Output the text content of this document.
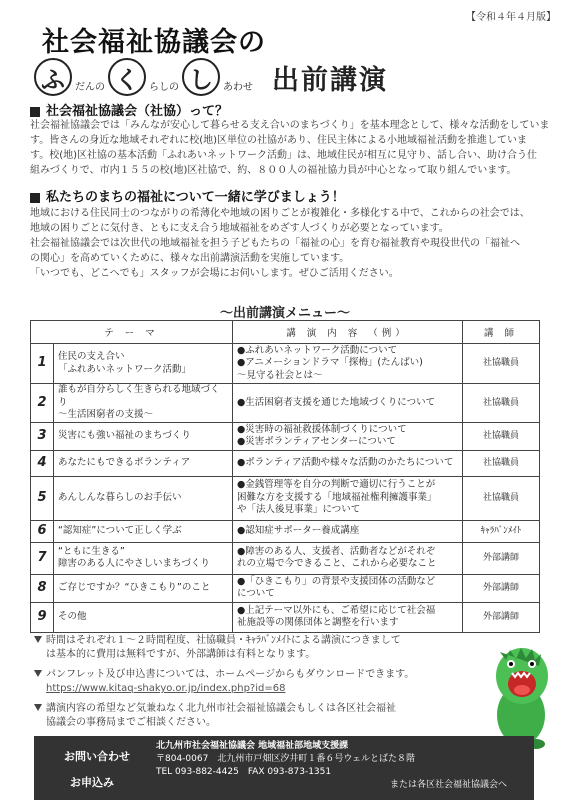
【令和４年４月版】
社会福祉協議会の
ふ	だんの く	らしの し	あわせ 出前講演
社会福祉協議会（社協）って？

社会福祉協議会では「みんなが安心して暮らせる支え合いのまちづくり」を基本理念として、様々な活動をしていま

す。皆さんの身近な地域それぞれに校(地)区単位の社協があり、住民主体による小地域福祉活動を推進していま

す。校(地)区社協の基本活動「ふれあいネットワーク活動」は、地域住民が相互に見守り、話し合い、助け合う仕

組みづくりで、市内１５５の校(地)区社協で、約、８００人の福祉協力員が中心となって取り組んでいます。

私たちのまちの福祉について一緒に学びましょう！

地域における住民同士のつながりの希薄化や地域の困りごとが複雑化・多様化する中で、これからの社会では、

地域の困りごとに気付き、ともに支え合う地域福祉をめざす人づくりが必要となっています。

社会福祉協議会では次世代の地域福祉を担う子どもたちの「福祉の心」を育む福祉教育や現役世代の「福祉へ

の関心」を高めていくために、様々な出前講演活動を実施しています。

「いつでも、どこへでも」スタッフが会場にお伺いします。ぜひご活用ください。

～出前講演メニュー～
テ ー マ		講 演 内 容 （例）	講 師
1	住民の支え合い
「ふれあいネットワーク活動」	●ふれあいネットワーク活動について
●アニメーションドラマ「探梅」(たんばい)
～見守る社会とは～	社協職員
2	誰もが自分らしく生きられる地域づくり
～生活困窮者の支援～	●生活困窮者支援を通じた地域づくりについて	社協職員
3	災害にも強い福祉のまちづくり	●災害時の福祉救援体制づくりについて
●災害ボランティアセンターについて	社協職員
4	あなたにもできるボランティア	●ボランティア活動や様々な活動のかたちについて	社協職員
5	あんしんな暮らしのお手伝い	●金銭管理等を自分の判断で適切に行うことが
困難な方を支援する「地域福祉権利擁護事業」
や「法人後見事業」について	社協職員
6	“認知症”について正しく学ぶ	●認知症サポーター養成講座	ｷｬﾗﾊﾞﾝﾒｲﾄ
7	“ともに生きる”
障害のある人にやさしいまちづくり	●障害のある人、支援者、活動者などがそれぞ
れの立場で今できること、これから必要なこと	外部講師
8	ご存じですか？“ひきこもり”のこと	●「ひきこもり」の背景や支援団体の活動など
について	外部講師
9	その他	●上記テーマ以外にも、ご希望に応じて社会福
祉施設等の関係団体と調整を行います	外部講師
時間はそれぞれ１～２時間程度、社協職員・ｷｬﾗﾊﾞﾝﾒｲﾄによる講演につきまして
は基本的に費用は無料ですが、外部講師は有料となります。
パンフレット及び申込書については、ホームページからもダウンロードできます。
https://www.kitaq-shakyo.or.jp/index.php?id=68
講演内容の希望など気兼ねなく北九州市社会福祉協議会もしくは各区社会福祉
協議会の事務局までご相談ください。
お問い合わせ
お申込み
北九州市社会福祉協議会 地域福祉部地域支援課
〒804-0067　北九州市戸畑区汐井町１番６号ウェルとばた８階
TEL 093-882-4425　FAX 093-873-1351
または各区社会福祉協議会へ
